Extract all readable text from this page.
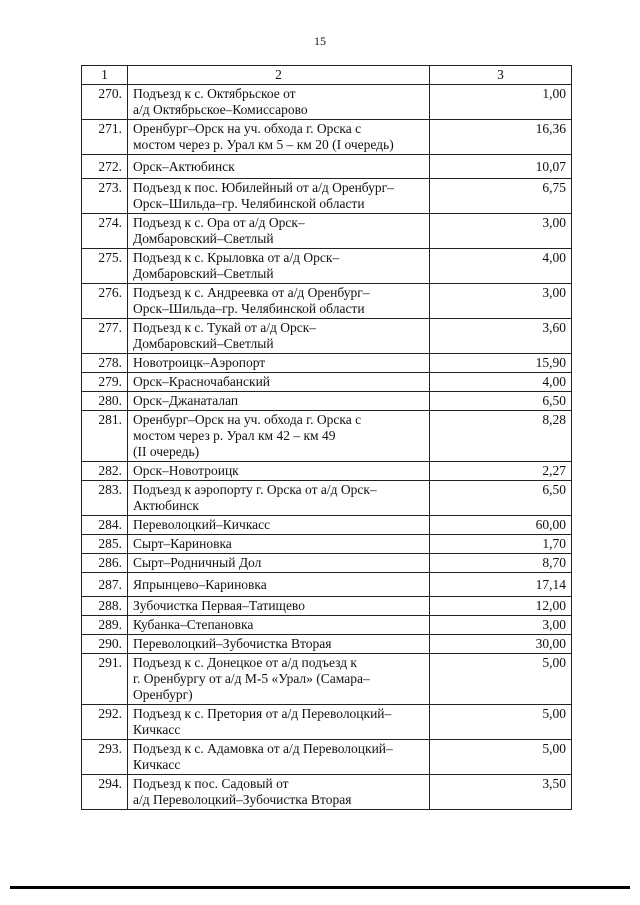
15
1	2	3
270.	Подъезд к с. Октябрьское от
а/д Октябрьское–Комиссарово	1,00
271.	Оренбург–Орск на уч. обхода г. Орска с
мостом через р. Урал км 5 – км 20 (I очередь)	16,36
272.	Орск–Актюбинск	10,07
273.	Подъезд к пос. Юбилейный от а/д Оренбург–
Орск–Шильда–гр. Челябинской области	6,75
274.	Подъезд к с. Ора от а/д Орск–
Домбаровский–Светлый	3,00
275.	Подъезд к с. Крыловка от а/д Орск–
Домбаровский–Светлый	4,00
276.	Подъезд к с. Андреевка от а/д Оренбург–
Орск–Шильда–гр. Челябинской области	3,00
277.	Подъезд к с. Тукай от а/д Орск–
Домбаровский–Светлый	3,60
278.	Новотроицк–Аэропорт	15,90
279.	Орск–Красночабанский	4,00
280.	Орск–Джанаталап	6,50
281.	Оренбург–Орск на уч. обхода г. Орска с
мостом через р. Урал км 42 – км 49
(II очередь)	8,28
282.	Орск–Новотроицк	2,27
283.	Подъезд к аэропорту г. Орска от а/д Орск–
Актюбинск	6,50
284.	Переволоцкий–Кичкасс	60,00
285.	Сырт–Кариновка	1,70
286.	Сырт–Родничный Дол	8,70
287.	Япрынцево–Кариновка	17,14
288.	Зубочистка Первая–Татищево	12,00
289.	Кубанка–Степановка	3,00
290.	Переволоцкий–Зубочистка Вторая	30,00
291.	Подъезд к с. Донецкое от а/д подъезд к
г. Оренбургу от а/д М-5 «Урал» (Самара–
Оренбург)	5,00
292.	Подъезд к с. Претория от а/д Переволоцкий–
Кичкасс	5,00
293.	Подъезд к с. Адамовка от а/д Переволоцкий–
Кичкасс	5,00
294.	Подъезд к пос. Садовый от
а/д Переволоцкий–Зубочистка Вторая	3,50
